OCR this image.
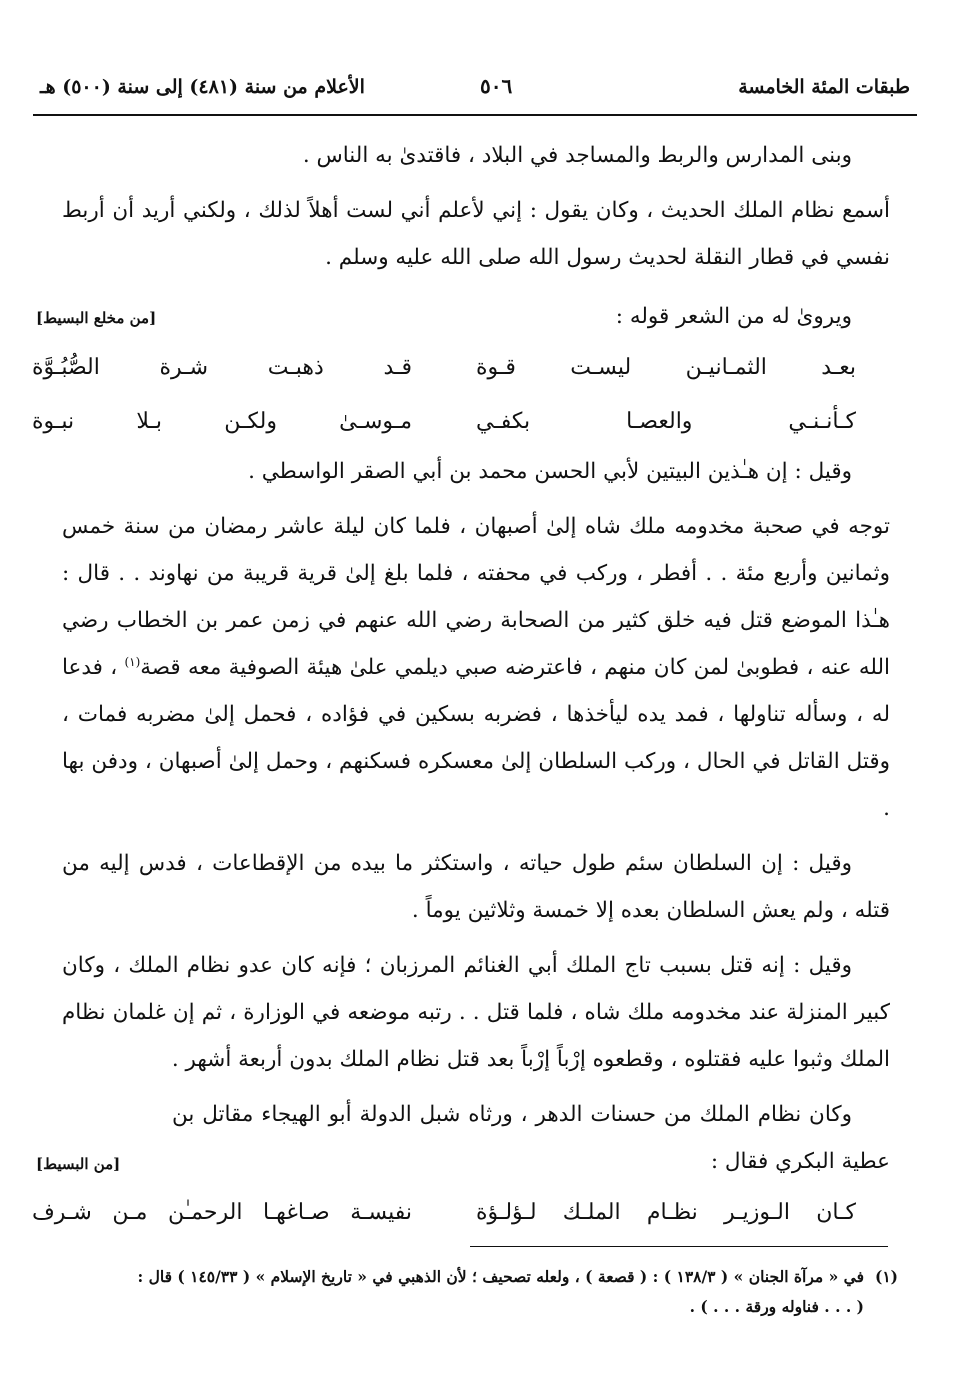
طبقات المئة الخامسة
٥٠٦
الأعلام من سنة (٤٨١) إلى سنة (٥٠٠) هـ

وبنى المدارس والربط والمساجد في البلاد ، فاقتدىٰ به الناس .

أسمع نظام الملك الحديث ، وكان يقول : إني لأعلم أني لست أهلاً لذلك ، ولكني أريد أن أربط نفسي في قطار النقلة لحديث رسول الله صلى الله عليه وسلم .

ويروىٰ له من الشعر قوله :
[من مخلع البسيط]
بعـد الثمـانيـن ليسـت قـوة
قـد ذهبـت شـرة الصُّبُـوَّة
كـأنـنـي والعصـا بكفـي
مـوسـىٰ ولكـن بـلا نبـوة

وقيل : إن هـٰذين البيتين لأبي الحسن محمد بن أبي الصقر الواسطي .

توجه في صحبة مخدومه ملك شاه إلىٰ أصبهان ، فلما كان ليلة عاشر رمضان من سنة خمس وثمانين وأربع مئة . . أفطر ، وركب في محفته ، فلما بلغ إلىٰ قرية قريبة من نهاوند . . قال : هـٰذا الموضع قتل فيه خلق كثير من الصحابة رضي الله عنهم في زمن عمر بن الخطاب رضي الله عنه ، فطوبىٰ لمن كان منهم ، فاعترضه صبي ديلمي علىٰ هيئة الصوفية معه قصة$^{(١)}$ ، فدعا له ، وسأله تناولها ، فمد يده ليأخذها ، فضربه بسكين في فؤاده ، فحمل إلىٰ مضربه فمات ، وقتل القاتل في الحال ، وركب السلطان إلىٰ معسكره فسكنهم ، وحمل إلىٰ أصبهان ، ودفن بها .

وقيل : إن السلطان سئم طول حياته ، واستكثر ما بيده من الإقطاعات ، فدس إليه من قتله ، ولم يعش السلطان بعده إلا خمسة وثلاثين يوماً .

وقيل : إنه قتل بسبب تاج الملك أبي الغنائم المرزبان ؛ فإنه كان عدو نظام الملك ، وكان كبير المنزلة عند مخدومه ملك شاه ، فلما قتل . . رتبه موضعه في الوزارة ، ثم إن غلمان نظام الملك وثبوا عليه فقتلوه ، وقطعوه إرْباً إرْباً بعد قتل نظام الملك بدون أربعة أشهر .

وكان نظام الملك من حسنات الدهر ، ورثاه شبل الدولة أبو الهيجاء مقاتل بن عطية البكري فقال :

[من البسيط]
كـان الـوزيـر نظـام الملـك لـؤلـؤة
نفيسـة صـاغهـا الرحمـٰن مـن شـرف
(١)في « مرآة الجنان » ( ١٣٨/٣ ) : ( قصعة ) ، ولعله تصحيف ؛ لأن الذهبي في « تاريخ الإسلام » ( ١٤٥/٣٣ ) قال :
( . . . فناوله ورقة . . . ) .
